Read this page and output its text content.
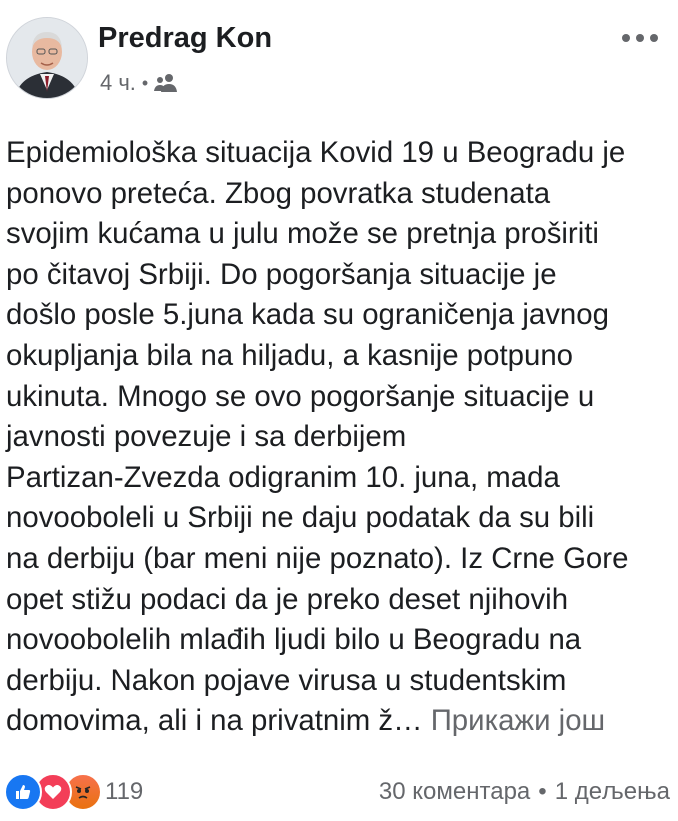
Predrag Kon
4 ч. •

Epidemiološka situacija Kovid 19 u Beogradu je
ponovo preteća. Zbog povratka studenata
svojim kućama u julu može se pretnja proširiti
po čitavoj Srbiji. Do pogoršanja situacije je
došlo posle 5.juna kada su ograničenja javnog
okupljanja bila na hiljadu, a kasnije potpuno
ukinuta. Mnogo se ovo pogoršanje situacije u
javnosti povezuje i sa derbijem
Partizan-Zvezda odigranim 10. juna, mada
novoobolelі u Srbiji ne daju podatak da su bili
na derbiju (bar meni nije poznato). Iz Crne Gore
opet stižu podaci da je preko deset njihovih
novoobolelih mlađih ljudi bilo u Beogradu na
derbiju. Nakon pojave virusa u studentskim
domovima, ali i na privatnim ž… Прикажи још

119	30 коментара • 1 дељења
